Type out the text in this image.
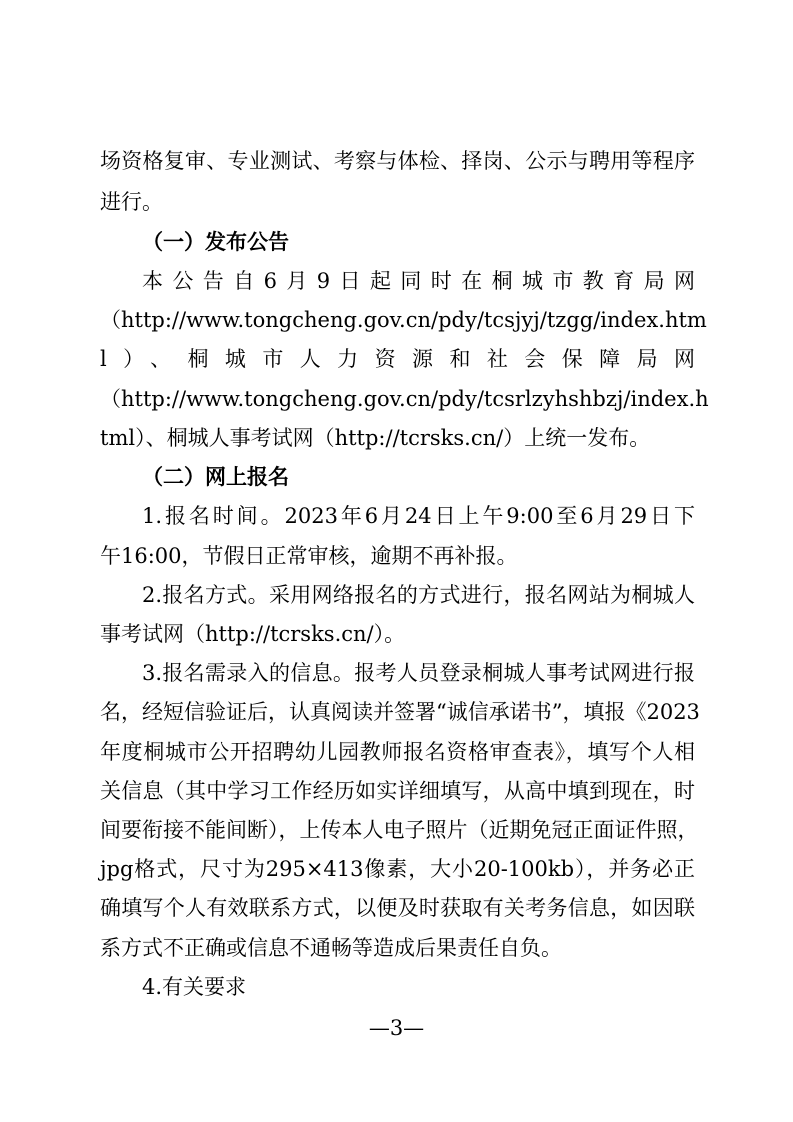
场资格复审、专业测试、考察与体检、择岗、公示与聘用等程序
进行。
（一）发布公告
本公告自6月9日起同时在桐城市教育局网
（http://www.tongcheng.gov.cn/pdy/tcsjyj/tzgg/index.htm
l）、桐城市人力资源和社会保障局网
（http://www.tongcheng.gov.cn/pdy/tcsrlzyhshbzj/index.h
tml）、桐城人事考试网（http://tcrsks.cn/）上统一发布。
（二）网上报名
1.报名时间。2023年6月24日上午9:00至6月29日下
午16:00，节假日正常审核，逾期不再补报。
2.报名方式。采用网络报名的方式进行，报名网站为桐城人
事考试网（http://tcrsks.cn/）。
3.报名需录入的信息。报考人员登录桐城人事考试网进行报
名，经短信验证后，认真阅读并签署“诚信承诺书”，填报《2023
年度桐城市公开招聘幼儿园教师报名资格审查表》，填写个人相
关信息（其中学习工作经历如实详细填写，从高中填到现在，时
间要衔接不能间断），上传本人电子照片（近期免冠正面证件照，
jpg格式，尺寸为295×413像素，大小20-100kb），并务必正
确填写个人有效联系方式，以便及时获取有关考务信息，如因联
系方式不正确或信息不通畅等造成后果责任自负。
4.有关要求
—3—
